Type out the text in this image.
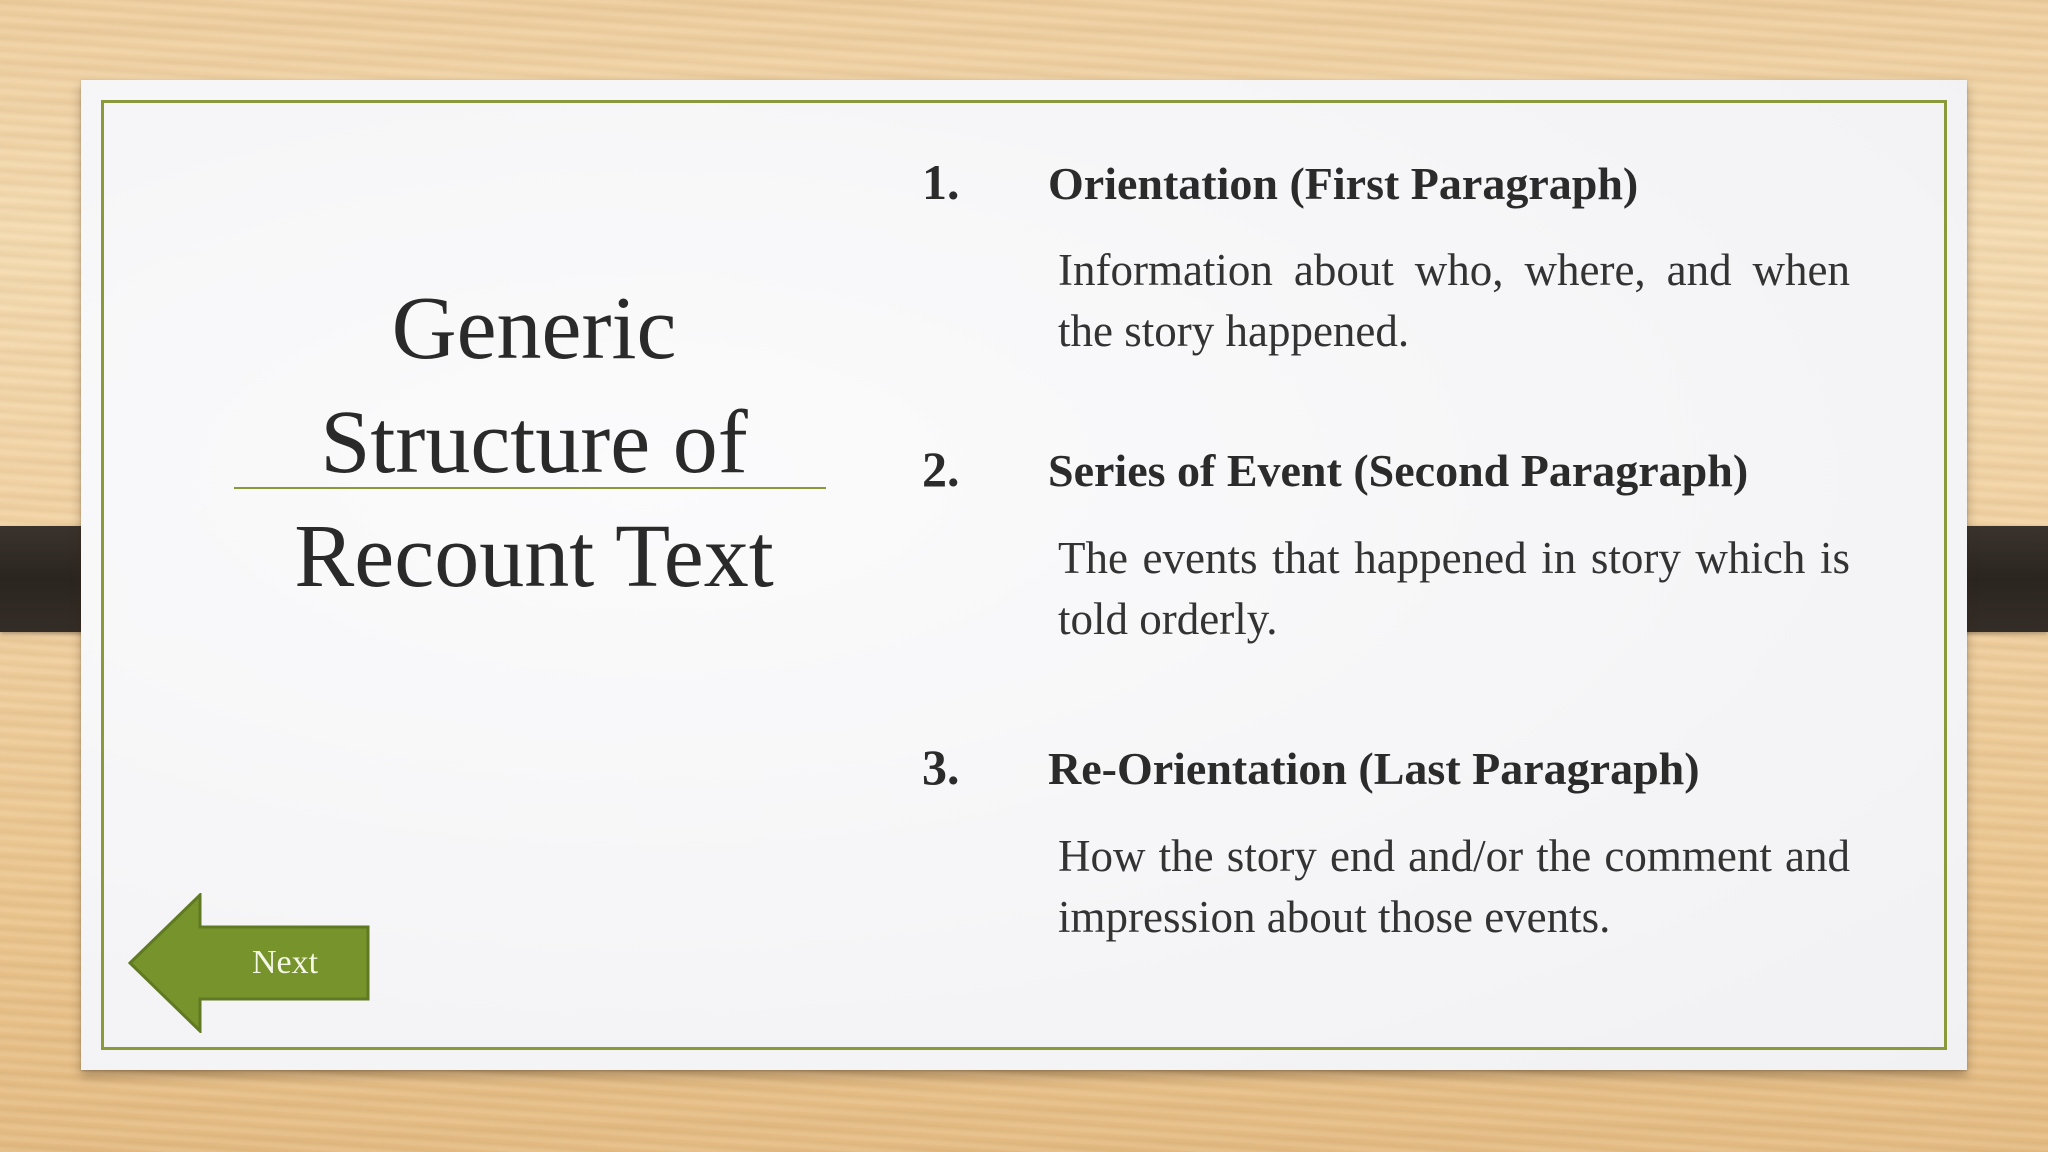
Generic
Structure of
Recount Text
1. Orientation (First Paragraph)
Information about who, where, and when the story happened.
2. Series of Event (Second Paragraph)
The events that happened in story which is told orderly.
3. Re-Orientation (Last Paragraph)
How the story end and/or the comment and impression about those events.
Next
